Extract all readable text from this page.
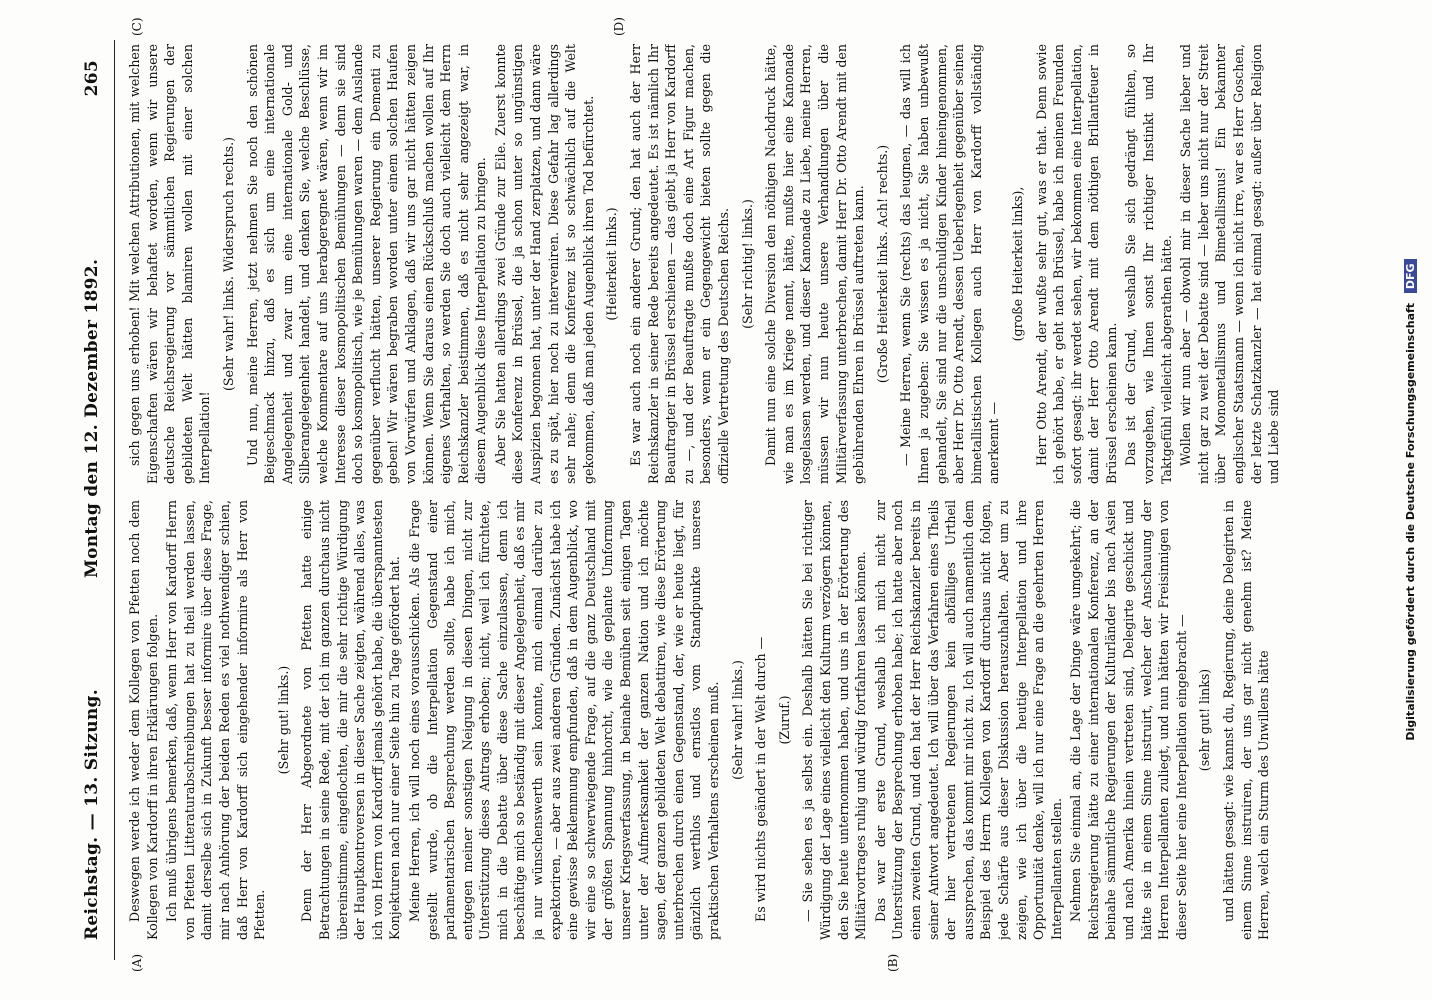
Reichstag. — 13. Sitzung.
Montag den 12. Dezember 1892.  265
(A)	(B)
(C)	(D)

Deswegen werde ich weder dem Kollegen von Pfetten noch dem Kollegen von Kardorff in ihren Erklärungen folgen. Ich muß übrigens bemerken, daß, wenn Herr von Kardorff Herrn von Pfetten Litteraturabschreibungen hat zu theil werden lassen, damit derselbe sich in Zukunft besser informire über diese Frage, mir nach Anhörung der beiden Reden es viel nothwendiger schien, daß Herr von Kardorff sich eingehender informire als Herr von Pfetten.

(Sehr gut! links.) Denn der Herr Abgeordnete von Pfetten hatte einige Betrachtungen in seine Rede, mit der ich im ganzen durchaus nicht übereinstimme, eingeflochten, die mir die sehr richtige Würdigung der Hauptkontroversen in dieser Sache zeigten, während alles, was ich von Herrn von Kardorff jemals gehört habe, die überspanntesten Konjekturen nach nur einer Seite hin zu Tage gefördert hat. Meine Herren, ich will noch eines vorausschicken. Als die Frage gestellt wurde, ob die Interpellation Gegenstand einer parlamentarischen Besprechung werden sollte, habe ich mich, entgegen meiner sonstigen Neigung in diesen Dingen, nicht zur Unterstützung dieses Antrags erhoben; nicht, weil ich fürchtete, mich in die Debatte über diese Sache einzulassen, denn ich beschäftige mich so beständig mit dieser Angelegenheit, daß es mir ja nur wünschenswerth sein konnte, mich einmal darüber zu expektoriren, — aber aus zwei anderen Gründen. Zunächst habe ich eine gewisse Beklemmung empfunden, daß in dem Augenblick, wo wir eine so schwerwiegende Frage, auf die ganz Deutschland mit der größten Spannung hinhorcht, wie die geplante Umformung unserer Kriegsverfassung, in beinahe Bemühen seit einigen Tagen unter der Aufmerksamkeit der ganzen Nation und ich möchte sagen, der ganzen gebildeten Welt debattiren, wie diese Erörterung unterbrechen durch einen Gegenstand, der, wie er heute liegt, für gänzlich werthlos und ernstlos vom Standpunkte unseres praktischen Verhaltens erscheinen muß. (Sehr wahr! links.) Es wird nichts geändert in der Welt durch — (Zuruf.) — Sie sehen es ja selbst ein. Deshalb hätten Sie bei richtiger Würdigung der Lage eines vielleicht den Kulturm verzögern können, den Sie heute unternommen haben, und uns in der Erörterung des Militärvortrages ruhig und würdig fortfahren lassen können. Das war der erste Grund, weshalb ich mich nicht zur Unterstützung der Besprechung erhoben habe; ich hatte aber noch einen zweiten Grund, und den hat der Herr Reichskanzler bereits in seiner Antwort angedeutet. Ich will über das Verfahren eines Theils der hier vertretenen Regierungen kein abfälliges Urtheil aussprechen, das kommt mir nicht zu. Ich will auch namentlich dem Beispiel des Herrn Kollegen von Kardorff durchaus nicht folgen, jede Schärfe aus dieser Diskussion herauszuhalten. Aber um zu zeigen, wie ich über die heutige Interpellation und ihre Opportunität denke, will ich nur eine Frage an die geehrten Herren Interpellanten stellen. Nehmen Sie einmal an, die Lage der Dinge wäre umgekehrt; die Reichsregierung hätte zu einer internationalen Konferenz, an der beinahe sämmtliche Regierungen der Kulturländer bis nach Asien und nach Amerika hinein vertreten sind, Delegirte geschickt und hätte sie in einem Sinne instruirt, welcher der Anschauung der Herren Interpellanten zuliegt, und nun hätten wir Freisinnigen von dieser Seite hier eine Interpellation eingebracht — (sehr gut! links) und hätten gesagt: wie kannst du, Regierung, deine Delegirten in einem Sinne instruiren, der uns gar nicht genehm ist? Meine Herren, welch ein Sturm des Unwillens hätte

sich gegen uns erhoben! Mit welchen Attributionen, mit welchen Eigenschaften wären wir behaftet worden, wenn wir unsere deutsche Reichsregierung vor sämmtlichen Regierungen der gebildeten Welt hätten blamiren wollen mit einer solchen Interpellation!

(Sehr wahr! links. Widerspruch rechts.) Und nun, meine Herren, jetzt nehmen Sie noch den schönen Beigeschmack hinzu, daß es sich um eine internationale Angelegenheit und zwar um eine internationale Gold- und Silberangelegenheit handelt, und denken Sie, welche Beschlüsse, welche Kommentare auf uns herabgeregnet wären, wenn wir im Interesse dieser kosmopolitischen Bemühungen — denn sie sind doch so kosmopolitisch, wie je Bemühungen waren — dem Auslande gegenüber verflucht hätten, unserer Regierung ein Dementi zu geben! Wir wären begraben worden unter einem solchen Haufen von Vorwürfen und Anklagen, daß wir uns gar nicht hätten zeigen können. Wenn Sie daraus einen Rückschluß machen wollen auf Ihr eigenes Verhalten, so werden Sie doch auch vielleicht dem Herrn Reichskanzler beistimmen, daß es nicht sehr angezeigt war, in diesem Augenblick diese Interpellation zu bringen. Aber Sie hatten allerdings zwei Gründe zur Eile. Zuerst konnte diese Konferenz in Brüssel, die ja schon unter so ungünstigen Auspizien begonnen hat, unter der Hand zerplatzen, und dann wäre es zu spät, hier noch zu interveniren. Diese Gefahr lag allerdings sehr nahe; denn die Konferenz ist so schwächlich auf die Welt gekommen, daß man jeden Augenblick ihren Tod befürchtet. (Heiterkeit links.) Es war auch noch ein anderer Grund; den hat auch der Herr Reichskanzler in seiner Rede bereits angedeutet. Es ist nämlich Ihr Beauftragter in Brüssel erschienen — das giebt ja Herr von Kardorff zu —, und der Beauftragte mußte doch eine Art Figur machen, besonders, wenn er ein Gegengewicht bieten sollte gegen die offizielle Vertretung des Deutschen Reichs. (Sehr richtig! links.) Damit nun eine solche Diversion den nöthigen Nachdruck hätte, wie man es im Kriege nennt, hätte, mußte hier eine Kanonade losgelassen werden, und dieser Kanonade zu Liebe, meine Herren, müssen wir nun heute unsere Verhandlungen über die Militärverfassung unterbrechen, damit Herr Dr. Otto Arendt mit den gebührenden Ehren in Brüssel auftreten kann. (Große Heiterkeit links. Ach! rechts.) — Meine Herren, wenn Sie (rechts) das leugnen, — das will ich Ihnen ja zugeben: Sie wissen es ja nicht, Sie haben unbewußt gehandelt, Sie sind nur die unschuldigen Kinder hineingenommen, aber Herr Dr. Otto Arendt, dessen Ueberlegenheit gegenüber seinen bimetallistischen Kollegen auch Herr von Kardorff vollständig anerkennt —

(große Heiterkeit links), Herr Otto Arendt, der wußte sehr gut, was er that. Denn sowie ich gehört habe, er geht nach Brüssel, habe ich meinen Freunden sofort gesagt: ihr werdet sehen, wir bekommen eine Interpellation, damit der Herr Otto Arendt mit dem nöthigen Brillantfeuer in Brüssel erscheinen kann. Das ist der Grund, weshalb Sie sich gedrängt fühlten, so vorzugehen, wie Ihnen sonst Ihr richtiger Instinkt und Ihr Taktgefühl vielleicht abgerathen hätte. Wollen wir nun aber — obwohl mir in dieser Sache lieber und nicht gar zu weit der Debatte sind — lieber uns nicht nur der Streit über Monometallismus und Bimetallismus! Ein bekannter englischer Staatsmann — wenn ich nicht irre, war es Herr Goschen, der letzte Schatzkanzler — hat einmal gesagt: außer über Religion und Liebe sind	Digitalisierung gefördert durch die Deutsche Forschungsgemeinschaft DFG
